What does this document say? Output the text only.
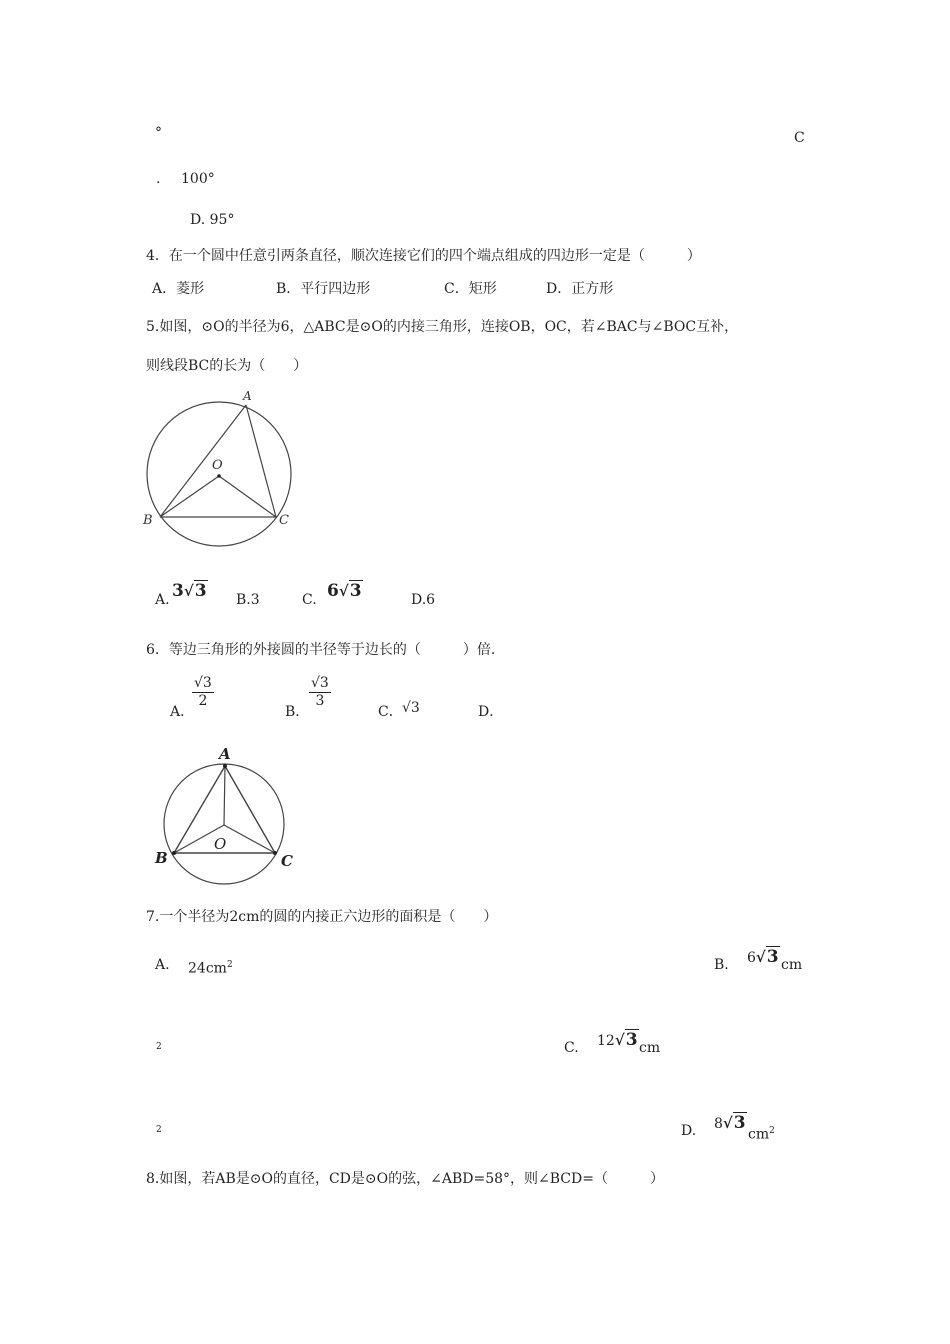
°	C
. 100°
D. 95°
4．在一个圆中任意引两条直径，顺次连接它们的四个端点组成的四边形一定是（　　　）
A．菱形	B．平行四边形	C．矩形	D．正方形
5.如图，⊙O的半径为6，△ABC是⊙O的内接三角形，连接OB，OC，若∠BAC与∠BOC互补，
则线段BC的长为（　　）
A
O
B	C
A. 3√3 B.3	C. 6√3	D.6
6．等边三角形的外接圆的半径等于边长的（　　　）倍.
A．
$\frac{√3}{2}$
B．
$\frac{√3}{3}$
C． √3	D．
A
O
B	C
7.一个半径为2cm的圆的内接正六边形的面积是（　　）
A. $24cm^2$	B. 6√3 cm
2	C. 12√3 cm
2	D. 8√3
$cm^2$
8.如图，若AB是⊙O的直径，CD是⊙O的弦，∠ABD=58°，则∠BCD=（　　　）
